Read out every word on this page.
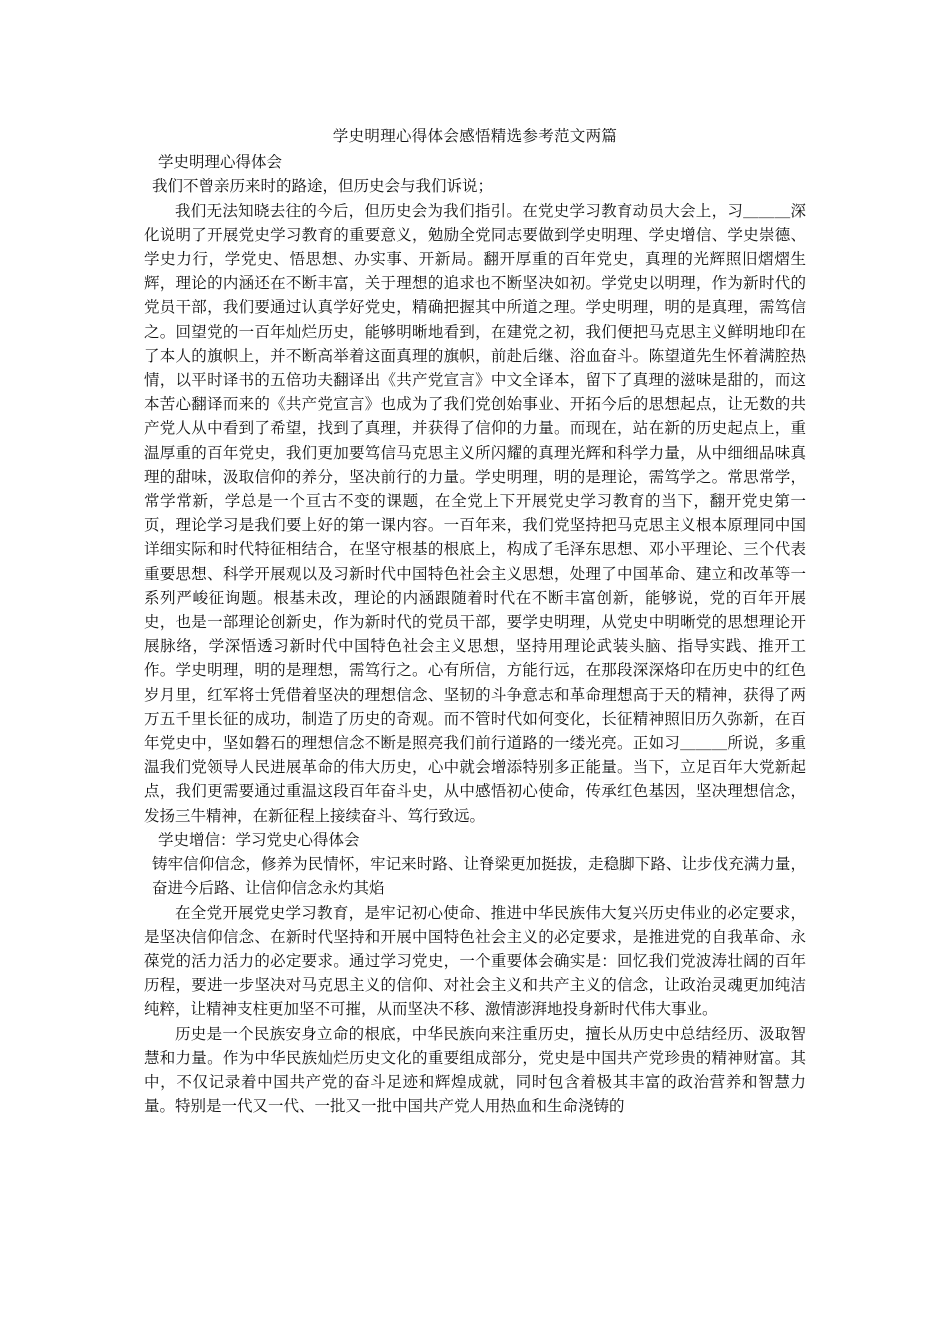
学史明理心得体会感悟精选参考范文两篇
学史明理心得体会
我们不曾亲历来时的路途，但历史会与我们诉说；

我们无法知晓去往的今后，但历史会为我们指引。在党史学习教育动员大会上，习＿＿＿深化说明了开展党史学习教育的重要意义，勉励全党同志要做到学史明理、学史增信、学史崇德、学史力行，学党史、悟思想、办实事、开新局。翻开厚重的百年党史，真理的光辉照旧熠熠生辉，理论的内涵还在不断丰富，关于理想的追求也不断坚决如初。学党史以明理，作为新时代的党员干部，我们要通过认真学好党史，精确把握其中所道之理。学史明理，明的是真理，需笃信之。回望党的一百年灿烂历史，能够明晰地看到，在建党之初，我们便把马克思主义鲜明地印在了本人的旗帜上，并不断高举着这面真理的旗帜，前赴后继、浴血奋斗。陈望道先生怀着满腔热情，以平时译书的五倍功夫翻译出《共产党宣言》中文全译本，留下了真理的滋味是甜的，而这本苦心翻译而来的《共产党宣言》也成为了我们党创始事业、开拓今后的思想起点，让无数的共产党人从中看到了希望，找到了真理，并获得了信仰的力量。而现在，站在新的历史起点上，重温厚重的百年党史，我们更加要笃信马克思主义所闪耀的真理光辉和科学力量，从中细细品味真理的甜味，汲取信仰的养分，坚决前行的力量。学史明理，明的是理论，需笃学之。常思常学，常学常新，学总是一个亘古不变的课题，在全党上下开展党史学习教育的当下，翻开党史第一页，理论学习是我们要上好的第一课内容。一百年来，我们党坚持把马克思主义根本原理同中国详细实际和时代特征相结合，在坚守根基的根底上，构成了毛泽东思想、邓小平理论、三个代表重要思想、科学开展观以及习新时代中国特色社会主义思想，处理了中国革命、建立和改革等一系列严峻征询题。根基未改，理论的内涵跟随着时代在不断丰富创新，能够说，党的百年开展史，也是一部理论创新史，作为新时代的党员干部，要学史明理，从党史中明晰党的思想理论开展脉络，学深悟透习新时代中国特色社会主义思想，坚持用理论武装头脑、指导实践、推开工作。学史明理，明的是理想，需笃行之。心有所信，方能行远，在那段深深烙印在历史中的红色岁月里，红军将士凭借着坚决的理想信念、坚韧的斗争意志和革命理想高于天的精神，获得了两万五千里长征的成功，制造了历史的奇观。而不管时代如何变化，长征精神照旧历久弥新，在百年党史中，坚如磐石的理想信念不断是照亮我们前行道路的一缕光亮。正如习＿＿＿所说，多重温我们党领导人民进展革命的伟大历史，心中就会增添特别多正能量。当下，立足百年大党新起点，我们更需要通过重温这段百年奋斗史，从中感悟初心使命，传承红色基因，坚决理想信念，发扬三牛精神，在新征程上接续奋斗、笃行致远。

学史增信：学习党史心得体会

铸牢信仰信念，修养为民情怀，牢记来时路、让脊梁更加挺拔，走稳脚下路、让步伐充满力量，奋进今后路、让信仰信念永灼其焰

在全党开展党史学习教育，是牢记初心使命、推进中华民族伟大复兴历史伟业的必定要求，是坚决信仰信念、在新时代坚持和开展中国特色社会主义的必定要求，是推进党的自我革命、永葆党的活力活力的必定要求。通过学习党史，一个重要体会确实是：回忆我们党波涛壮阔的百年历程，要进一步坚决对马克思主义的信仰、对社会主义和共产主义的信念，让政治灵魂更加纯洁纯粹，让精神支柱更加坚不可摧，从而坚决不移、激情澎湃地投身新时代伟大事业。

历史是一个民族安身立命的根底，中华民族向来注重历史，擅长从历史中总结经历、汲取智慧和力量。作为中华民族灿烂历史文化的重要组成部分，党史是中国共产党珍贵的精神财富。其中，不仅记录着中国共产党的奋斗足迹和辉煌成就，同时包含着极其丰富的政治营养和智慧力量。特别是一代又一代、一批又一批中国共产党人用热血和生命浇铸的
